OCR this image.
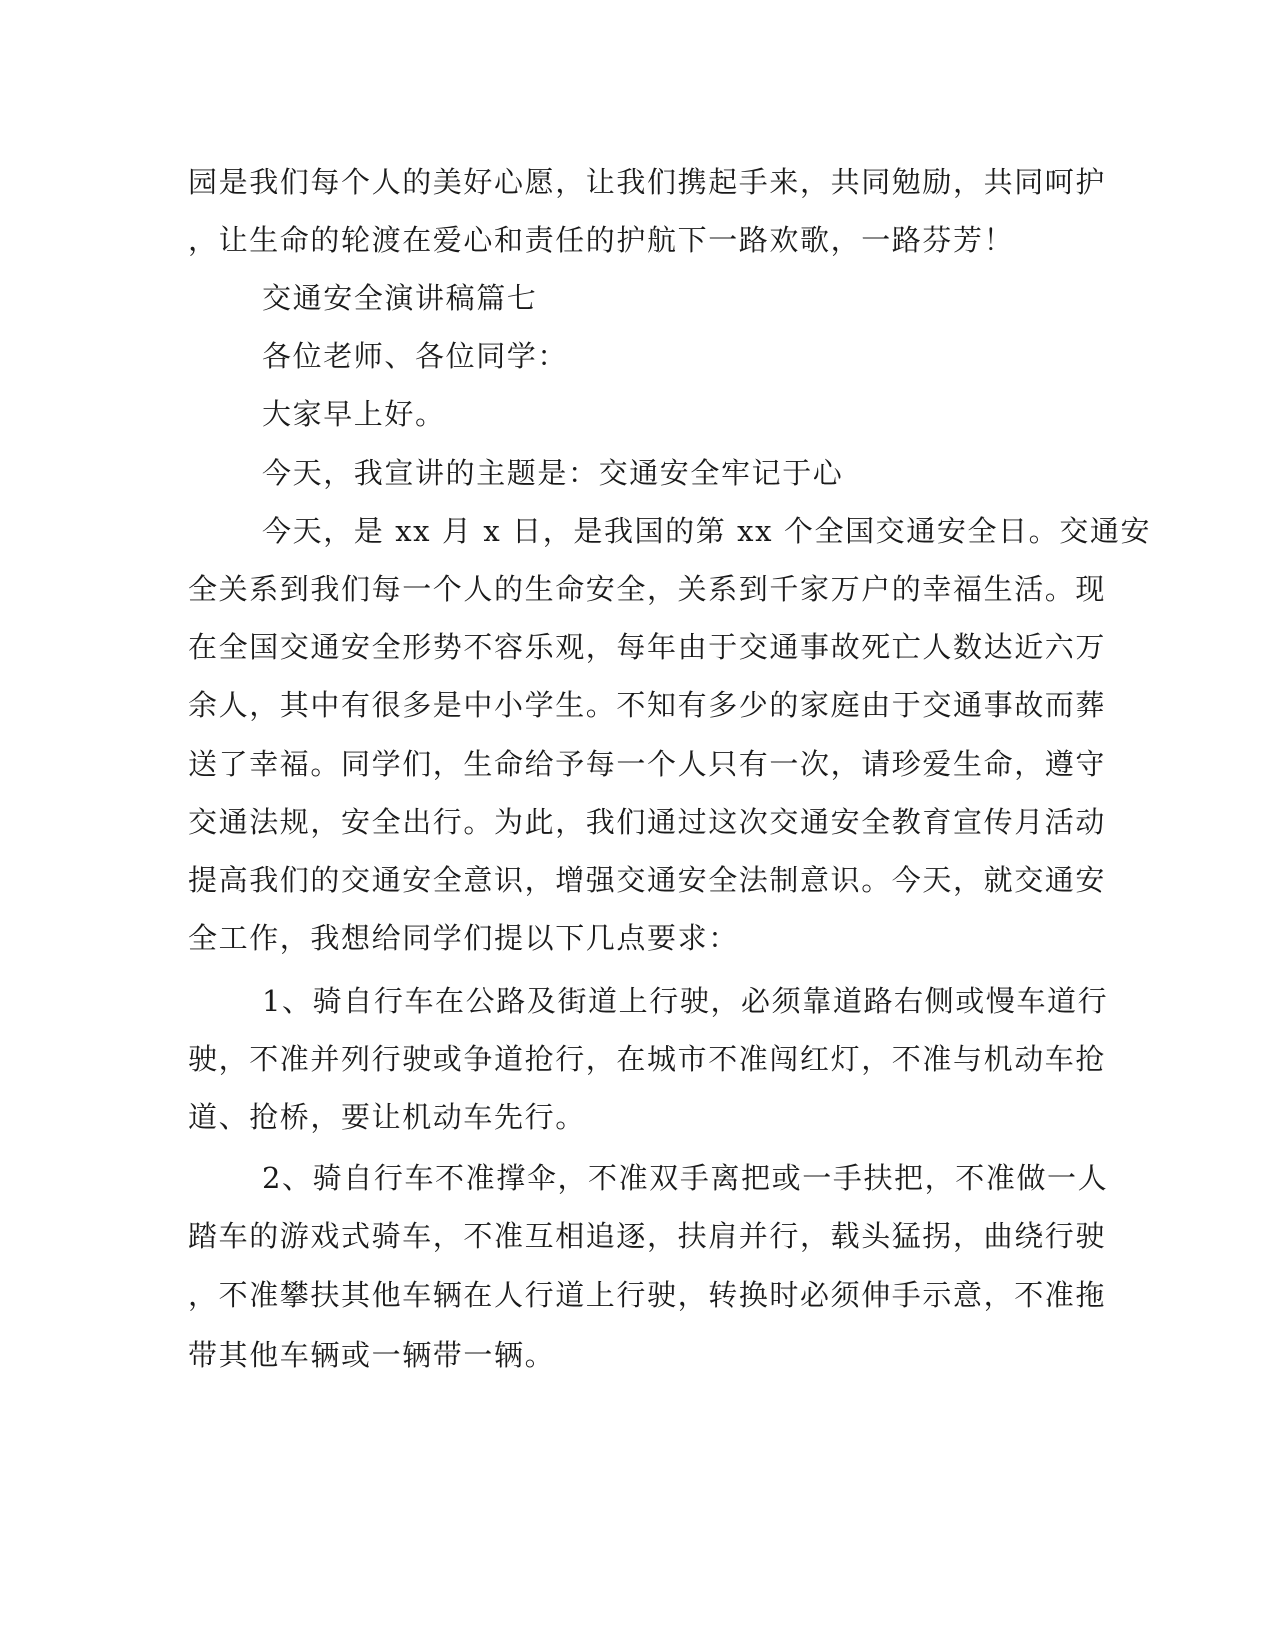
园是我们每个人的美好心愿，让我们携起手来，共同勉励，共同呵护
，让生命的轮渡在爱心和责任的护航下一路欢歌，一路芬芳！
交通安全演讲稿篇七
各位老师、各位同学：
大家早上好。
今天，我宣讲的主题是：交通安全牢记于心
今天，是 xx 月 x 日，是我国的第 xx 个全国交通安全日。交通安
全关系到我们每一个人的生命安全，关系到千家万户的幸福生活。现
在全国交通安全形势不容乐观，每年由于交通事故死亡人数达近六万
余人，其中有很多是中小学生。不知有多少的家庭由于交通事故而葬
送了幸福。同学们，生命给予每一个人只有一次，请珍爱生命，遵守
交通法规，安全出行。为此，我们通过这次交通安全教育宣传月活动
提高我们的交通安全意识，增强交通安全法制意识。今天，就交通安
全工作，我想给同学们提以下几点要求：
1、骑自行车在公路及街道上行驶，必须靠道路右侧或慢车道行
驶，不准并列行驶或争道抢行，在城市不准闯红灯，不准与机动车抢
道、抢桥，要让机动车先行。
2、骑自行车不准撑伞，不准双手离把或一手扶把，不准做一人
踏车的游戏式骑车，不准互相追逐，扶肩并行，载头猛拐，曲绕行驶
，不准攀扶其他车辆在人行道上行驶，转换时必须伸手示意，不准拖
带其他车辆或一辆带一辆。
